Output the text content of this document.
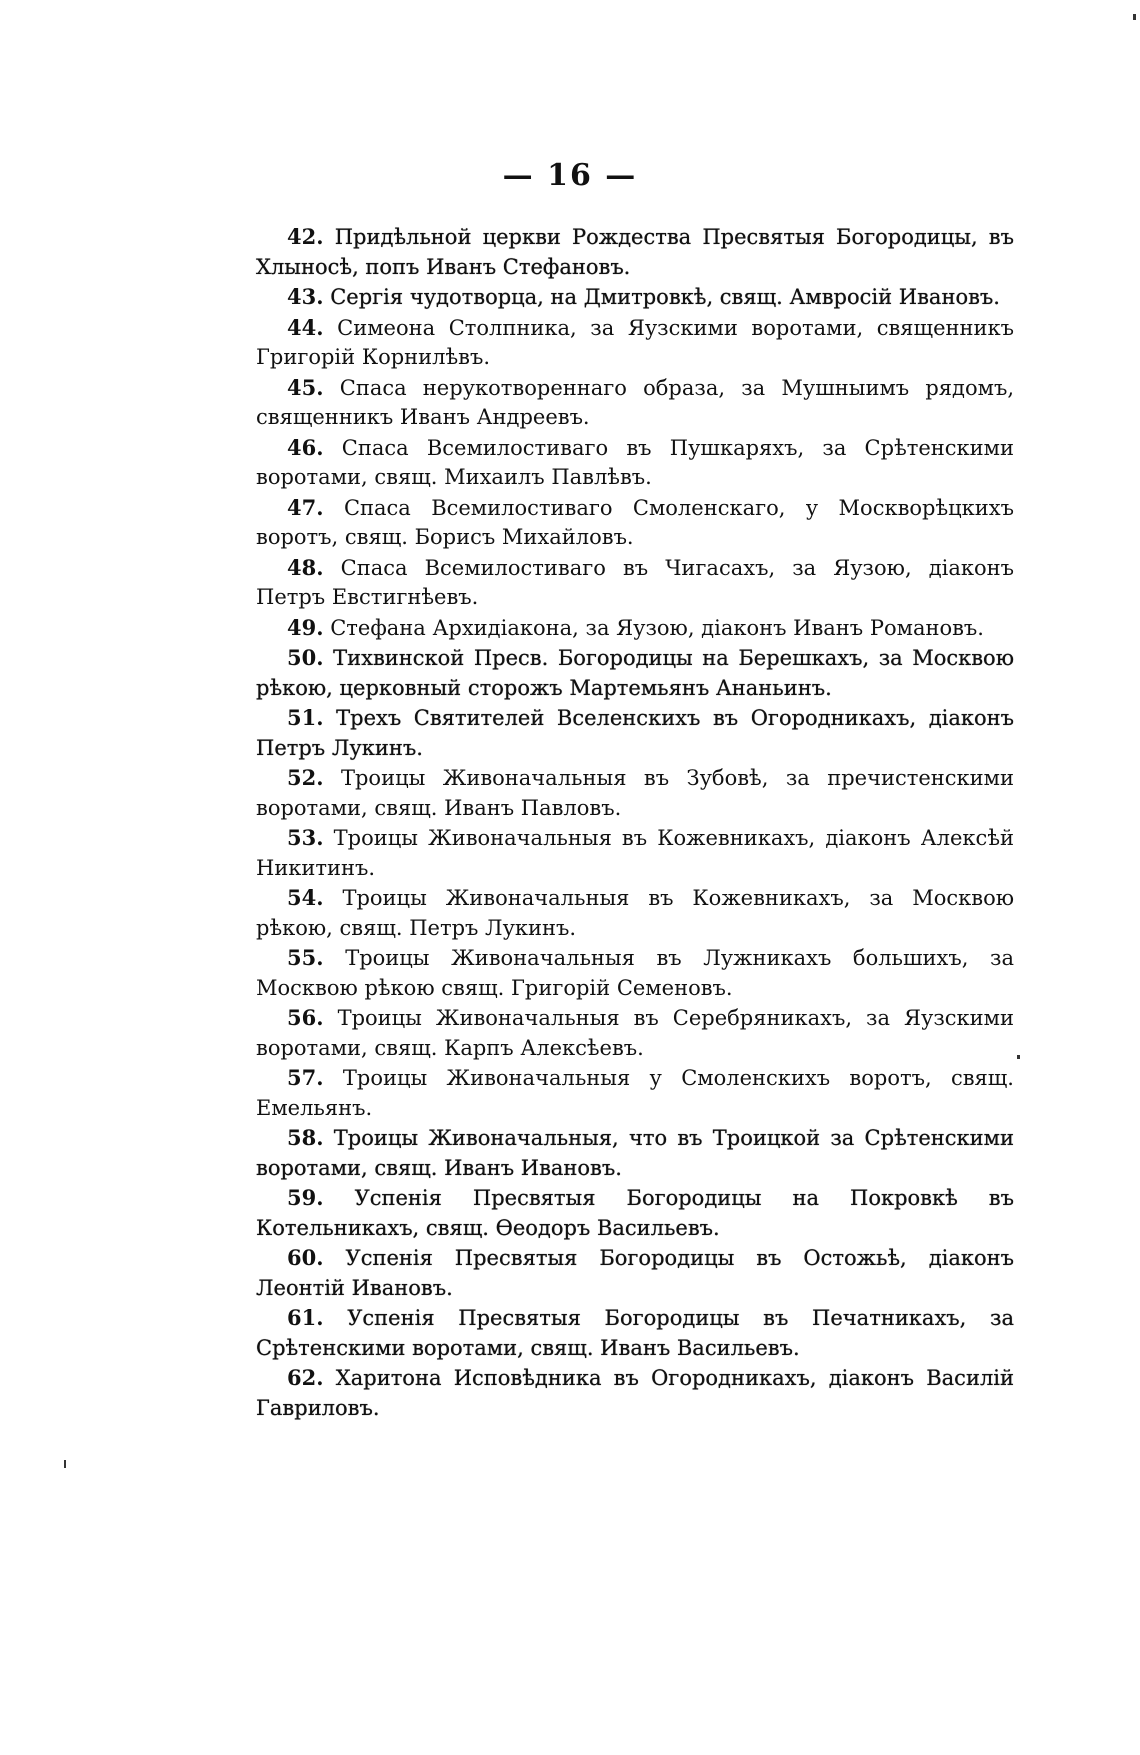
— 16 —

42. Придѣльной церкви Рождества Пресвятыя Богородицы, въ Хлыносѣ, попъ Иванъ Стефановъ.

43. Сергія чудотворца, на Дмитровкѣ, свящ. Амвросій Ивановъ.

44. Симеона Столпника, за Яузскими воротами, священникъ Григорій Корнилѣвъ.

45. Спаса нерукотвореннаго образа, за Мушныимъ рядомъ, священникъ Иванъ Андреевъ.

46. Спаса Всемилостиваго въ Пушкаряхъ, за Срѣтенскими воротами, свящ. Михаилъ Павлѣвъ.

47. Спаса Всемилостиваго Смоленскаго, у Москворѣцкихъ воротъ, свящ. Борисъ Михайловъ.

48. Спаса Всемилостиваго въ Чигасахъ, за Яузою, діаконъ Петръ Евстигнѣевъ.

49. Стефана Архидіакона, за Яузою, діаконъ Иванъ Романовъ.

50. Тихвинской Пресв. Богородицы на Берешкахъ, за Москвою рѣкою, церковный сторожъ Мартемьянъ Ананьинъ.

51. Трехъ Святителей Вселенскихъ въ Огородникахъ, діаконъ Петръ Лукинъ.

52. Троицы Живоначальныя въ Зубовѣ, за пречистенскими воротами, свящ. Иванъ Павловъ.

53. Троицы Живоначальныя въ Кожевникахъ, діаконъ Алексѣй Никитинъ.

54. Троицы Живоначальныя въ Кожевникахъ, за Москвою рѣкою, свящ. Петръ Лукинъ.

55. Троицы Живоначальныя въ Лужникахъ большихъ, за Москвою рѣкою свящ. Григорій Семеновъ.

56. Троицы Живоначальныя въ Серебряникахъ, за Яузскими воротами, свящ. Карпъ Алексѣевъ.

57. Троицы Живоначальныя у Смоленскихъ воротъ, свящ. Емельянъ.

58. Троицы Живоначальныя, что въ Троицкой за Срѣтенскими воротами, свящ. Иванъ Ивановъ.

59. Успенія Пресвятыя Богородицы на Покровкѣ въ Котельникахъ, свящ. Ѳеодоръ Васильевъ.

60. Успенія Пресвятыя Богородицы въ Остожьѣ, діаконъ Леонтій Ивановъ.

61. Успенія Пресвятыя Богородицы въ Печатникахъ, за Срѣтенскими воротами, свящ. Иванъ Васильевъ.

62. Харитона Исповѣдника въ Огородникахъ, діаконъ Василій Гавриловъ.
